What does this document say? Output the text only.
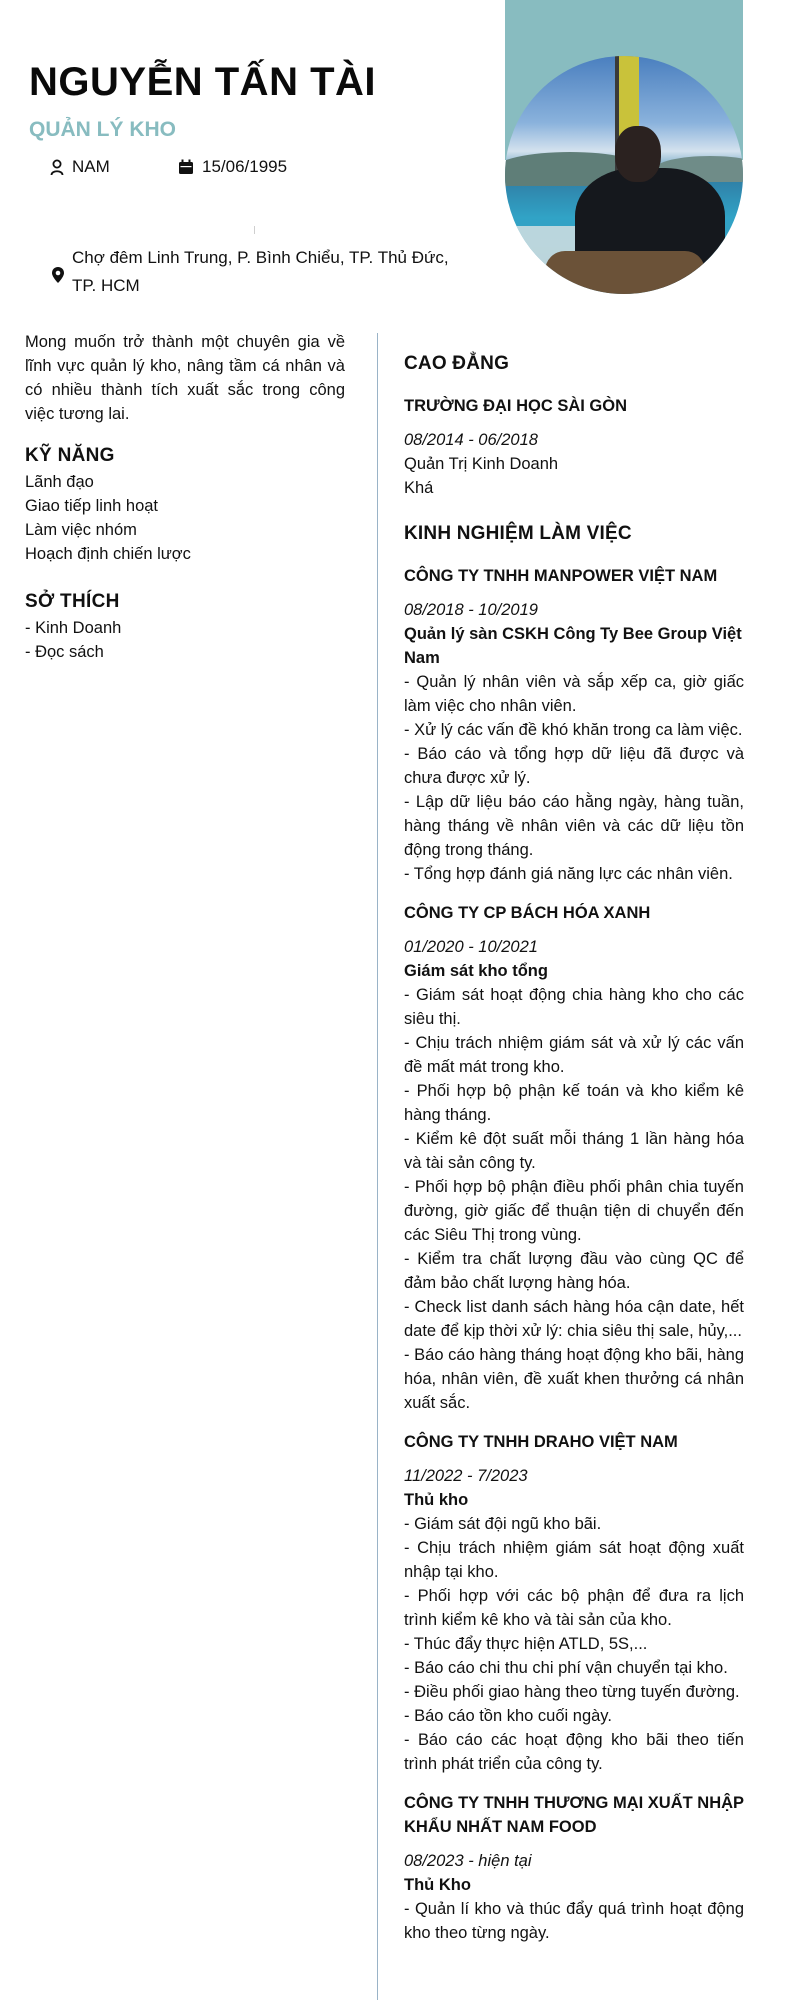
NGUYỄN TẤN TÀI
QUẢN LÝ KHO
NAM	15/06/1995
Chợ đêm Linh Trung, P. Bình Chiểu, TP. Thủ Đức, TP. HCM

Mong muốn trở thành một chuyên gia về lĩnh vực quản lý kho, nâng tầm cá nhân và có nhiều thành tích xuất sắc trong công việc tương lai.

KỸ NĂNG

Lãnh đạo

Giao tiếp linh hoạt

Làm việc nhóm

Hoạch định chiến lược

SỞ THÍCH

- Kinh Doanh

- Đọc sách

CAO ĐẲNG
TRƯỜNG ĐẠI HỌC SÀI GÒN

08/2014 - 06/2018

Quản Trị Kinh Doanh

Khá

KINH NGHIỆM LÀM VIỆC
CÔNG TY TNHH MANPOWER VIỆT NAM

08/2018 - 10/2019

Quản lý sàn CSKH Công Ty Bee Group Việt Nam

- Quản lý nhân viên và sắp xếp ca, giờ giấc làm việc cho nhân viên.

- Xử lý các vấn đề khó khăn trong ca làm việc.

- Báo cáo và tổng hợp dữ liệu đã được và chưa được xử lý.

- Lập dữ liệu báo cáo hằng ngày, hàng tuần, hàng tháng về nhân viên và các dữ liệu tồn động trong tháng.

- Tổng hợp đánh giá năng lực các nhân viên.

CÔNG TY CP BÁCH HÓA XANH

01/2020 - 10/2021

Giám sát kho tổng

- Giám sát hoạt động chia hàng kho cho các siêu thị.

- Chịu trách nhiệm giám sát và xử lý các vấn đề mất mát trong kho.

- Phối hợp bộ phận kế toán và kho kiểm kê hàng tháng.

- Kiểm kê đột suất mỗi tháng 1 lần hàng hóa và tài sản công ty.

- Phối hợp bộ phận điều phối phân chia tuyến đường, giờ giấc để thuận tiện di chuyển đến các Siêu Thị trong vùng.

- Kiểm tra chất lượng đầu vào cùng QC để đảm bảo chất lượng hàng hóa.

- Check list danh sách hàng hóa cận date, hết date để kịp thời xử lý: chia siêu thị sale, hủy,...

- Báo cáo hàng tháng hoạt động kho bãi, hàng hóa, nhân viên, đề xuất khen thưởng cá nhân xuất sắc.

CÔNG TY TNHH DRAHO VIỆT NAM

11/2022 - 7/2023

Thủ kho

- Giám sát đội ngũ kho bãi.

- Chịu trách nhiệm giám sát hoạt động xuất nhập tại kho.

- Phối hợp với các bộ phận để đưa ra lịch trình kiểm kê kho và tài sản của kho.

- Thúc đẩy thực hiện ATLD, 5S,...

- Báo cáo chi thu chi phí vận chuyển tại kho.

- Điều phối giao hàng theo từng tuyến đường.

- Báo cáo tồn kho cuối ngày.

- Báo cáo các hoạt động kho bãi theo tiến trình phát triển của công ty.

CÔNG TY TNHH THƯƠNG MẠI XUẤT NHẬP KHẨU NHẤT NAM FOOD

08/2023 - hiện tại

Thủ Kho

- Quản lí kho và thúc đẩy quá trình hoạt động kho theo từng ngày.
